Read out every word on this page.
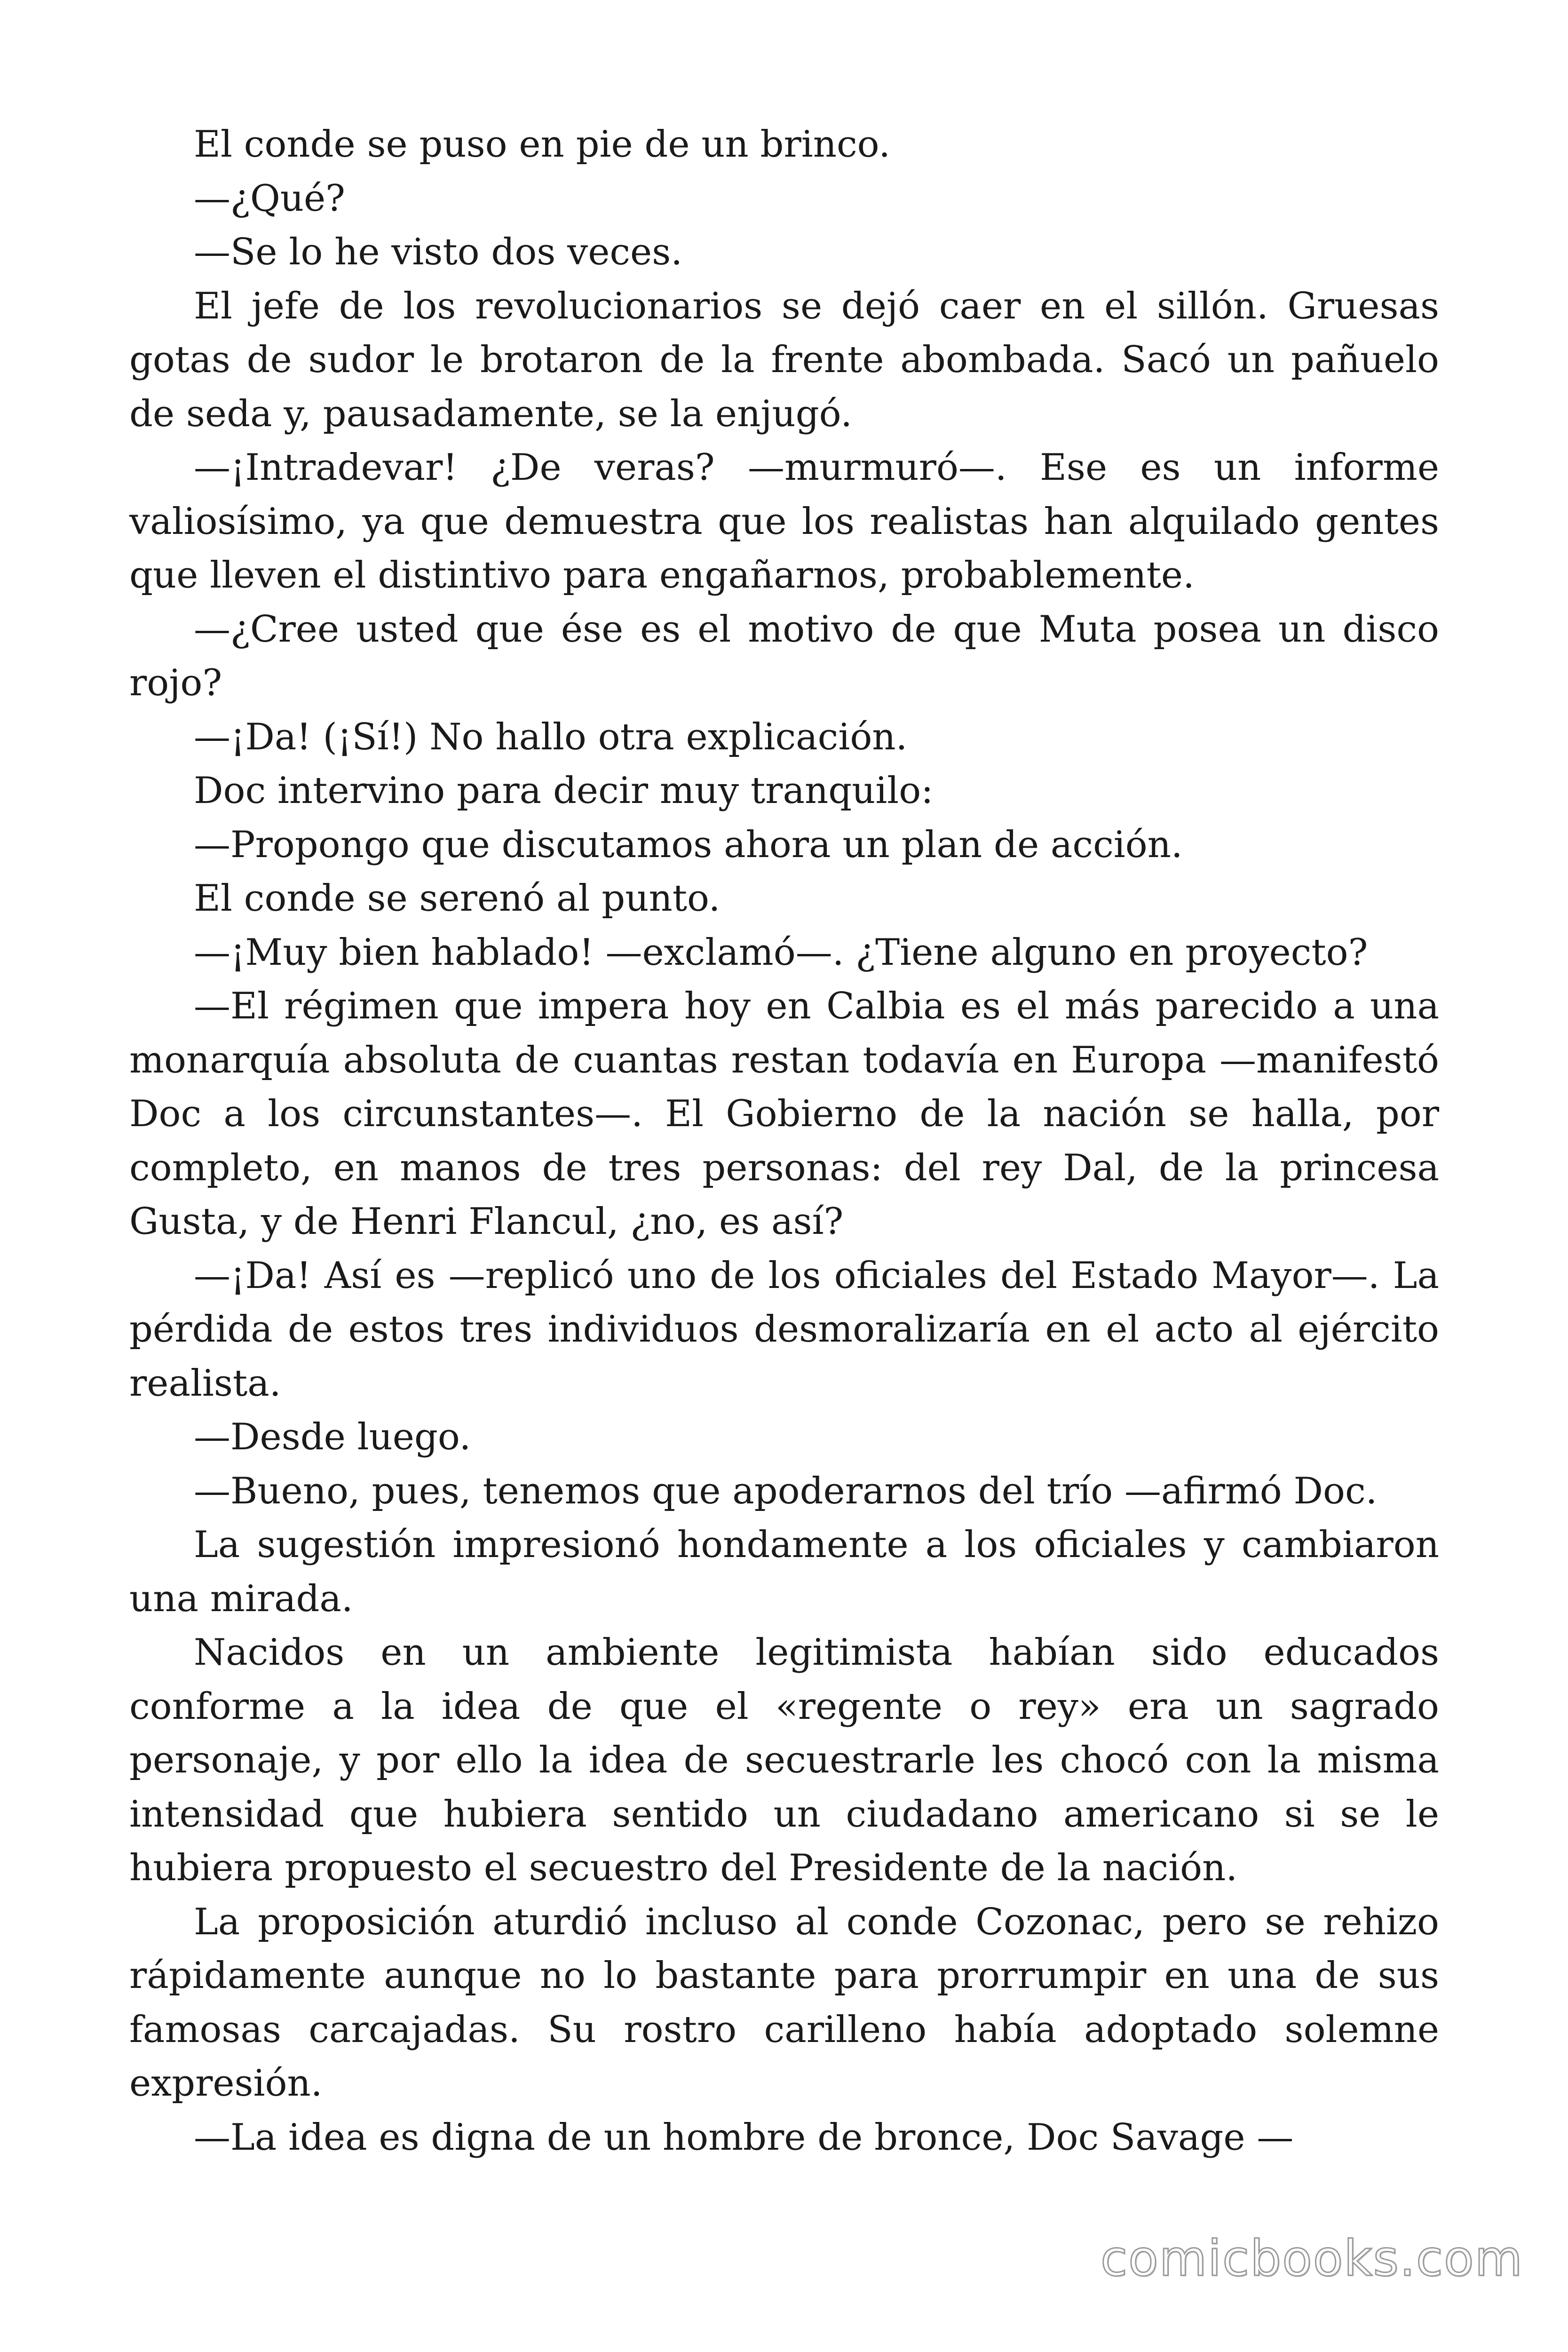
El conde se puso en pie de un brinco.

—¿Qué?

—Se lo he visto dos veces.

El jefe de los revolucionarios se dejó caer en el sillón. Gruesas gotas de sudor le brotaron de la frente abombada. Sacó un pañuelo de seda y, pausadamente, se la enjugó.

—¡Intradevar! ¿De veras? —murmuró—. Ese es un informe valiosísimo, ya que demuestra que los realistas han alquilado gentes que lleven el distintivo para engañarnos, probablemente.

—¿Cree usted que ése es el motivo de que Muta posea un disco rojo?

—¡Da! (¡Sí!) No hallo otra explicación.

Doc intervino para decir muy tranquilo:

—Propongo que discutamos ahora un plan de acción.

El conde se serenó al punto.

—¡Muy bien hablado! —exclamó—. ¿Tiene alguno en proyecto?

—El régimen que impera hoy en Calbia es el más parecido a una monarquía absoluta de cuantas restan todavía en Europa —manifestó Doc a los circunstantes—. El Gobierno de la nación se halla, por completo, en manos de tres personas: del rey Dal, de la princesa Gusta, y de Henri Flancul, ¿no, es así?

—¡Da! Así es —replicó uno de los oficiales del Estado Mayor—. La pérdida de estos tres individuos desmoralizaría en el acto al ejército realista.

—Desde luego.

—Bueno, pues, tenemos que apoderarnos del trío —afirmó Doc.

La sugestión impresionó hondamente a los oficiales y cambiaron una mirada.

Nacidos en un ambiente legitimista habían sido educados conforme a la idea de que el «regente o rey» era un sagrado personaje, y por ello la idea de secuestrarle les chocó con la misma intensidad que hubiera sentido un ciudadano americano si se le hubiera propuesto el secuestro del Presidente de la nación.

La proposición aturdió incluso al conde Cozonac, pero se rehizo rápidamente aunque no lo bastante para prorrumpir en una de sus famosas carcajadas. Su rostro carilleno había adoptado solemne expresión.

—La idea es digna de un hombre de bronce, Doc Savage —

comicbooks.com
